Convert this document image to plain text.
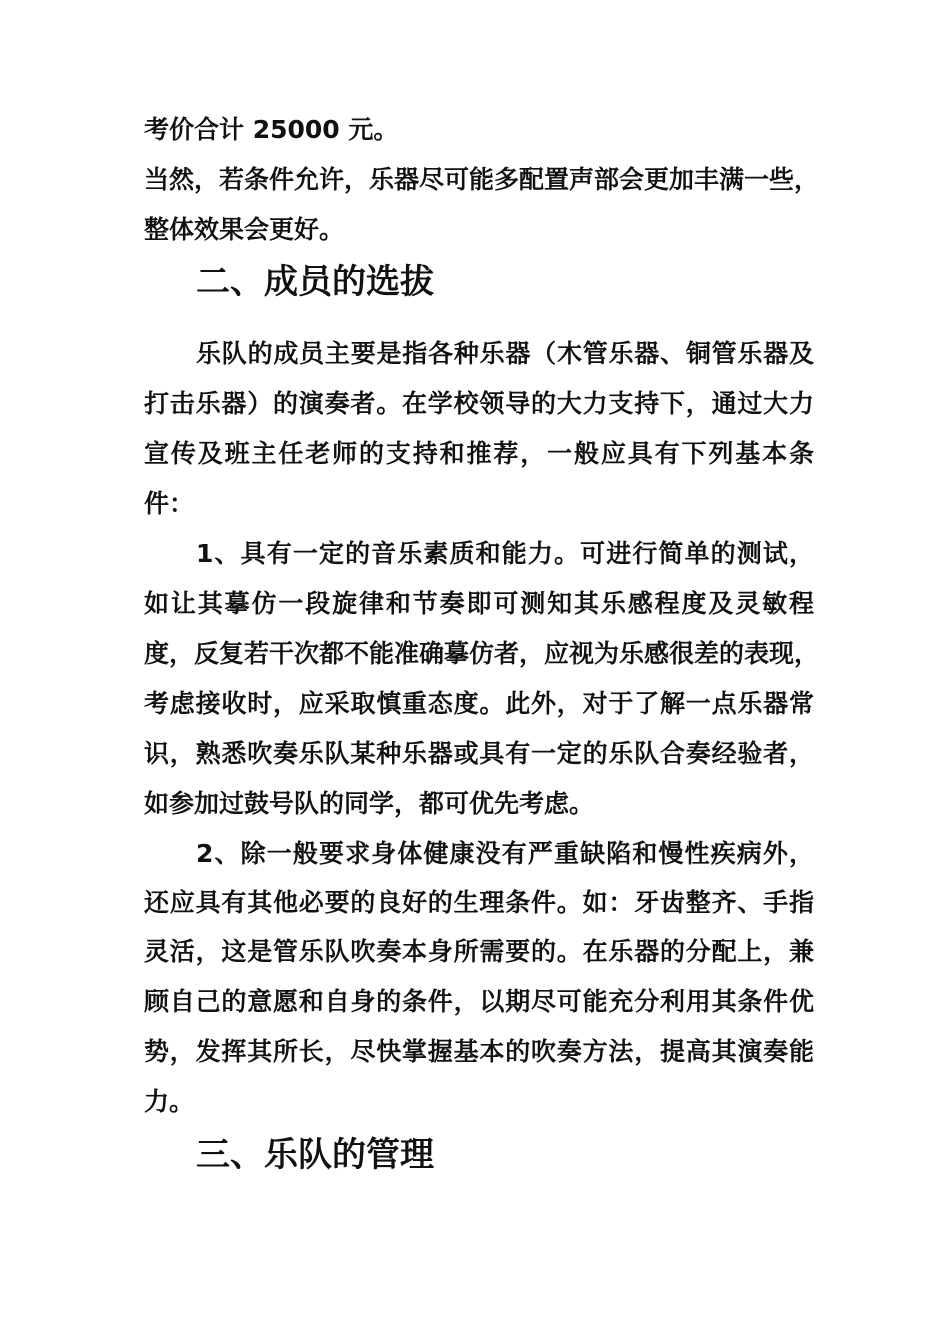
考价合计 25000 元。

当然，若条件允许，乐器尽可能多配置声部会更加丰满一些，

整体效果会更好。

二、成员的选拔

乐队的成员主要是指各种乐器（木管乐器、铜管乐器及

打击乐器）的演奏者。在学校领导的大力支持下，通过大力

宣传及班主任老师的支持和推荐，一般应具有下列基本条

件：

1、具有一定的音乐素质和能力。可进行简单的测试，

如让其摹仿一段旋律和节奏即可测知其乐感程度及灵敏程

度，反复若干次都不能准确摹仿者，应视为乐感很差的表现，

考虑接收时，应采取慎重态度。此外，对于了解一点乐器常

识，熟悉吹奏乐队某种乐器或具有一定的乐队合奏经验者，

如参加过鼓号队的同学，都可优先考虑。

2、除一般要求身体健康没有严重缺陷和慢性疾病外，

还应具有其他必要的良好的生理条件。如：牙齿整齐、手指

灵活，这是管乐队吹奏本身所需要的。在乐器的分配上，兼

顾自己的意愿和自身的条件，以期尽可能充分利用其条件优

势，发挥其所长，尽快掌握基本的吹奏方法，提高其演奏能

力。

三、乐队的管理
